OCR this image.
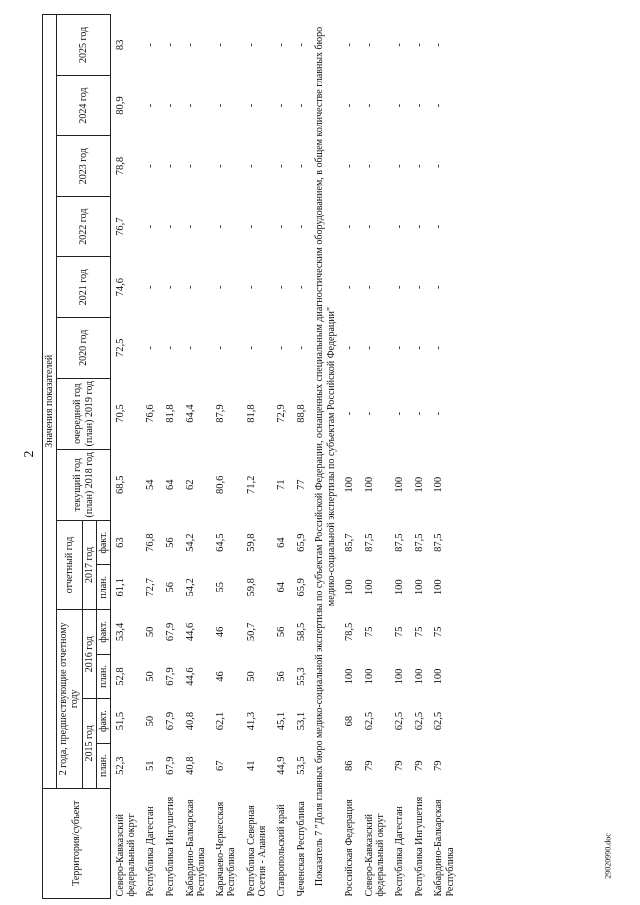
2
29020990.doc
Территория/субъект	Значения показателей													
	2 года, предшествующие отчетному году				отчетный год		текущий год (план) 2018 год	очередной год (план) 2019 год	2020 год	2021 год	2022 год	2023 год	2024 год	2025 год
	2015 год		2016 год		2017 год									
	план.	факт.	план.	факт.	план.	факт.								
Северо-Кавказский федеральный округ	52,3	51,5	52,8	53,4	61,1	63	68,5	70,5	72,5	74,6	76,7	78,8	80,9	83
Республика Дагестан	51	50	50	50	72,7	76,8	54	76,6	-	-	-	-	-	-
Республика Ингушетия	67,9	67,9	67,9	67,9	56	56	64	81,8	-	-	-	-	-	-
Кабардино-Балкарская Республика	40,8	40,8	44,6	44,6	54,2	54,2	62	64,4	-	-	-	-	-	-
Карачаево-Черкесская Республика	67	62,1	46	46	55	64,5	80,6	87,9	-	-	-	-	-	-
Республика Северная Осетия - Алания	41	41,3	50	50,7	59,8	59,8	71,2	81,8	-	-	-	-	-	-
Ставропольский край	44,9	45,1	56	56	64	64	71	72,9	-	-	-	-	-	-
Чеченская Республика	53,5	53,1	55,3	58,5	65,9	65,9	77	88,8	-	-	-	-	-	-
Показатель 7 "Доля главных бюро медико-социальной экспертизы по субъектам Российской Федерации, оснащенных специальным диагностическим оборудованием, в общем количестве главных бюро медико-социальной экспертизы по субъектам Российской Федерации"														
Российская Федерация	86	68	100	78,5	100	85,7	100	-	-	-	-	-	-	-
Северо-Кавказский федеральный округ	79	62,5	100	75	100	87,5	100	-	-	-	-	-	-	-
Республика Дагестан	79	62,5	100	75	100	87,5	100	-	-	-	-	-	-	-
Республика Ингушетия	79	62,5	100	75	100	87,5	100	-	-	-	-	-	-	-
Кабардино-Балкарская Республика	79	62,5	100	75	100	87,5	100	-	-	-	-	-	-	-
